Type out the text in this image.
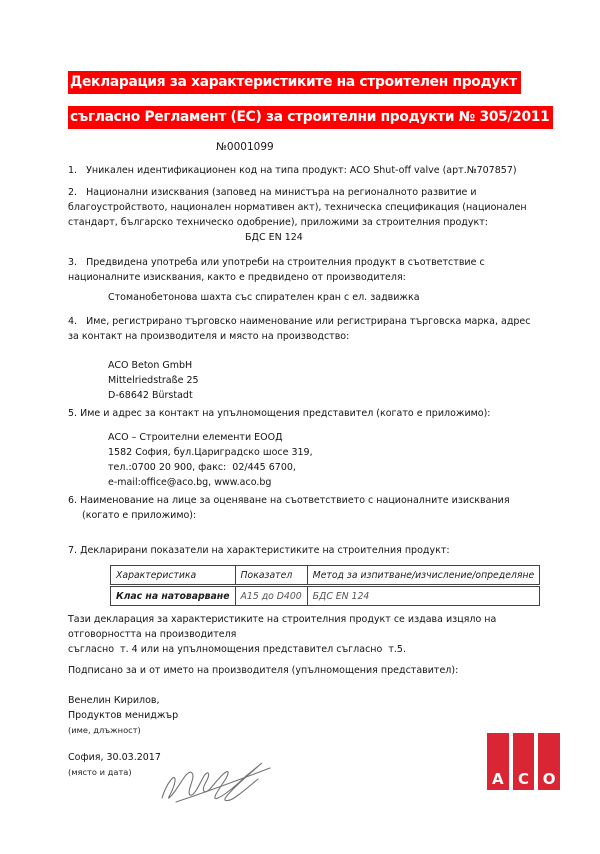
Декларация за характеристиките на строителен продукт
съгласно Регламент (ЕС) за строителни продукти № 305/2011
№0001099

1.   Уникален идентификационен код на типа продукт: ACO Shut-off valve (арт.№707857)

2.   Национални изисквания (заповед на министъра на регионалното развитие и благоустройството, национален нормативен акт), техническа спецификация (национален стандарт, българско техническо одобрение), приложими за строителния продукт:

БДС EN 124

3.   Предвидена употреба или употреби на строителния продукт в съответствие с националните изисквания, както е предвидено от производителя:

Стоманобетонова шахта със спирателен кран с ел. задвижка

4.   Име, регистрирано търговско наименование или регистрирана търговска марка, адрес за контакт на производителя и място на производство:

ACO Beton GmbH

Mittelriedstraße 25

D-68642 Bürstadt

5. Име и адрес за контакт на упълномощения представител (когато е приложимо):

АСО – Строителни елементи ЕООД

1582 София, бул.Цариградско шосе 319,

тел.:0700 20 900, факс:  02/445 6700,

e-mail:office@aco.bg, www.aco.bg

6. Наименование на лице за оценяване на съответствието с националните изисквания (когато е приложимо):

7. Декларирани показатели на характеристиките на строителния продукт:

Характеристика	Показател	Метод за изпитване/изчисление/определяне
Клас на натоварване	А15 до D400	БДС EN 124

Тази декларация за характеристиките на строителния продукт се издава изцяло на отговорността на производителя

съгласно  т. 4 или на упълномощения представител съгласно  т.5.

Подписано за и от името на производителя (упълномощения представител):

Венелин Кирилов,

Продуктов мениджър

(име, длъжност)

София, 30.03.2017

(място и дата)	A C O
